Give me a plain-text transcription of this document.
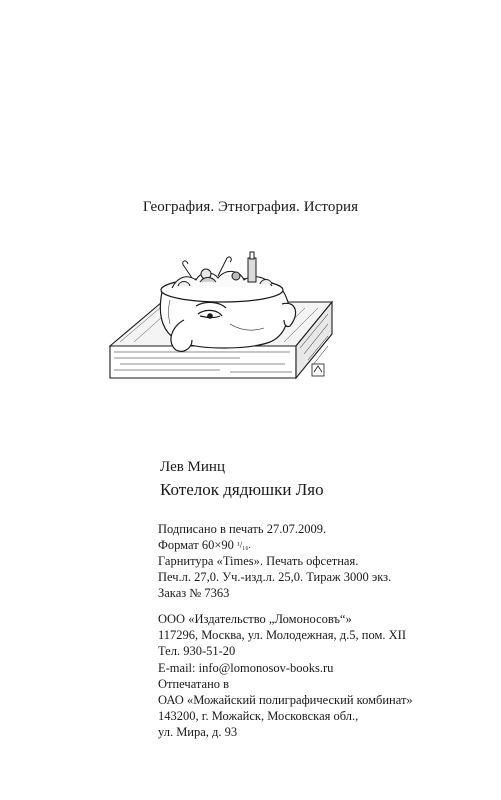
География. Этнография. История
Лев Минц
Котелок дядюшки Ляо
Подписано в печать 27.07.2009.
Формат 60×90 ¹/₁₆.
Гарнитура «Times». Печать офсетная.
Печ.л. 27,0. Уч.-изд.л. 25,0. Тираж 3000 экз.
Заказ № 7363
ООО «Издательство „Ломоносовъ“»
117296, Москва, ул. Молодежная, д.5, пом. XII
Тел. 930-51-20
E-mail: info@lomonosov-books.ru
Отпечатано в
ОАО «Можайский полиграфический комбинат»
143200, г. Можайск, Московская обл.,
ул. Мира, д. 93
